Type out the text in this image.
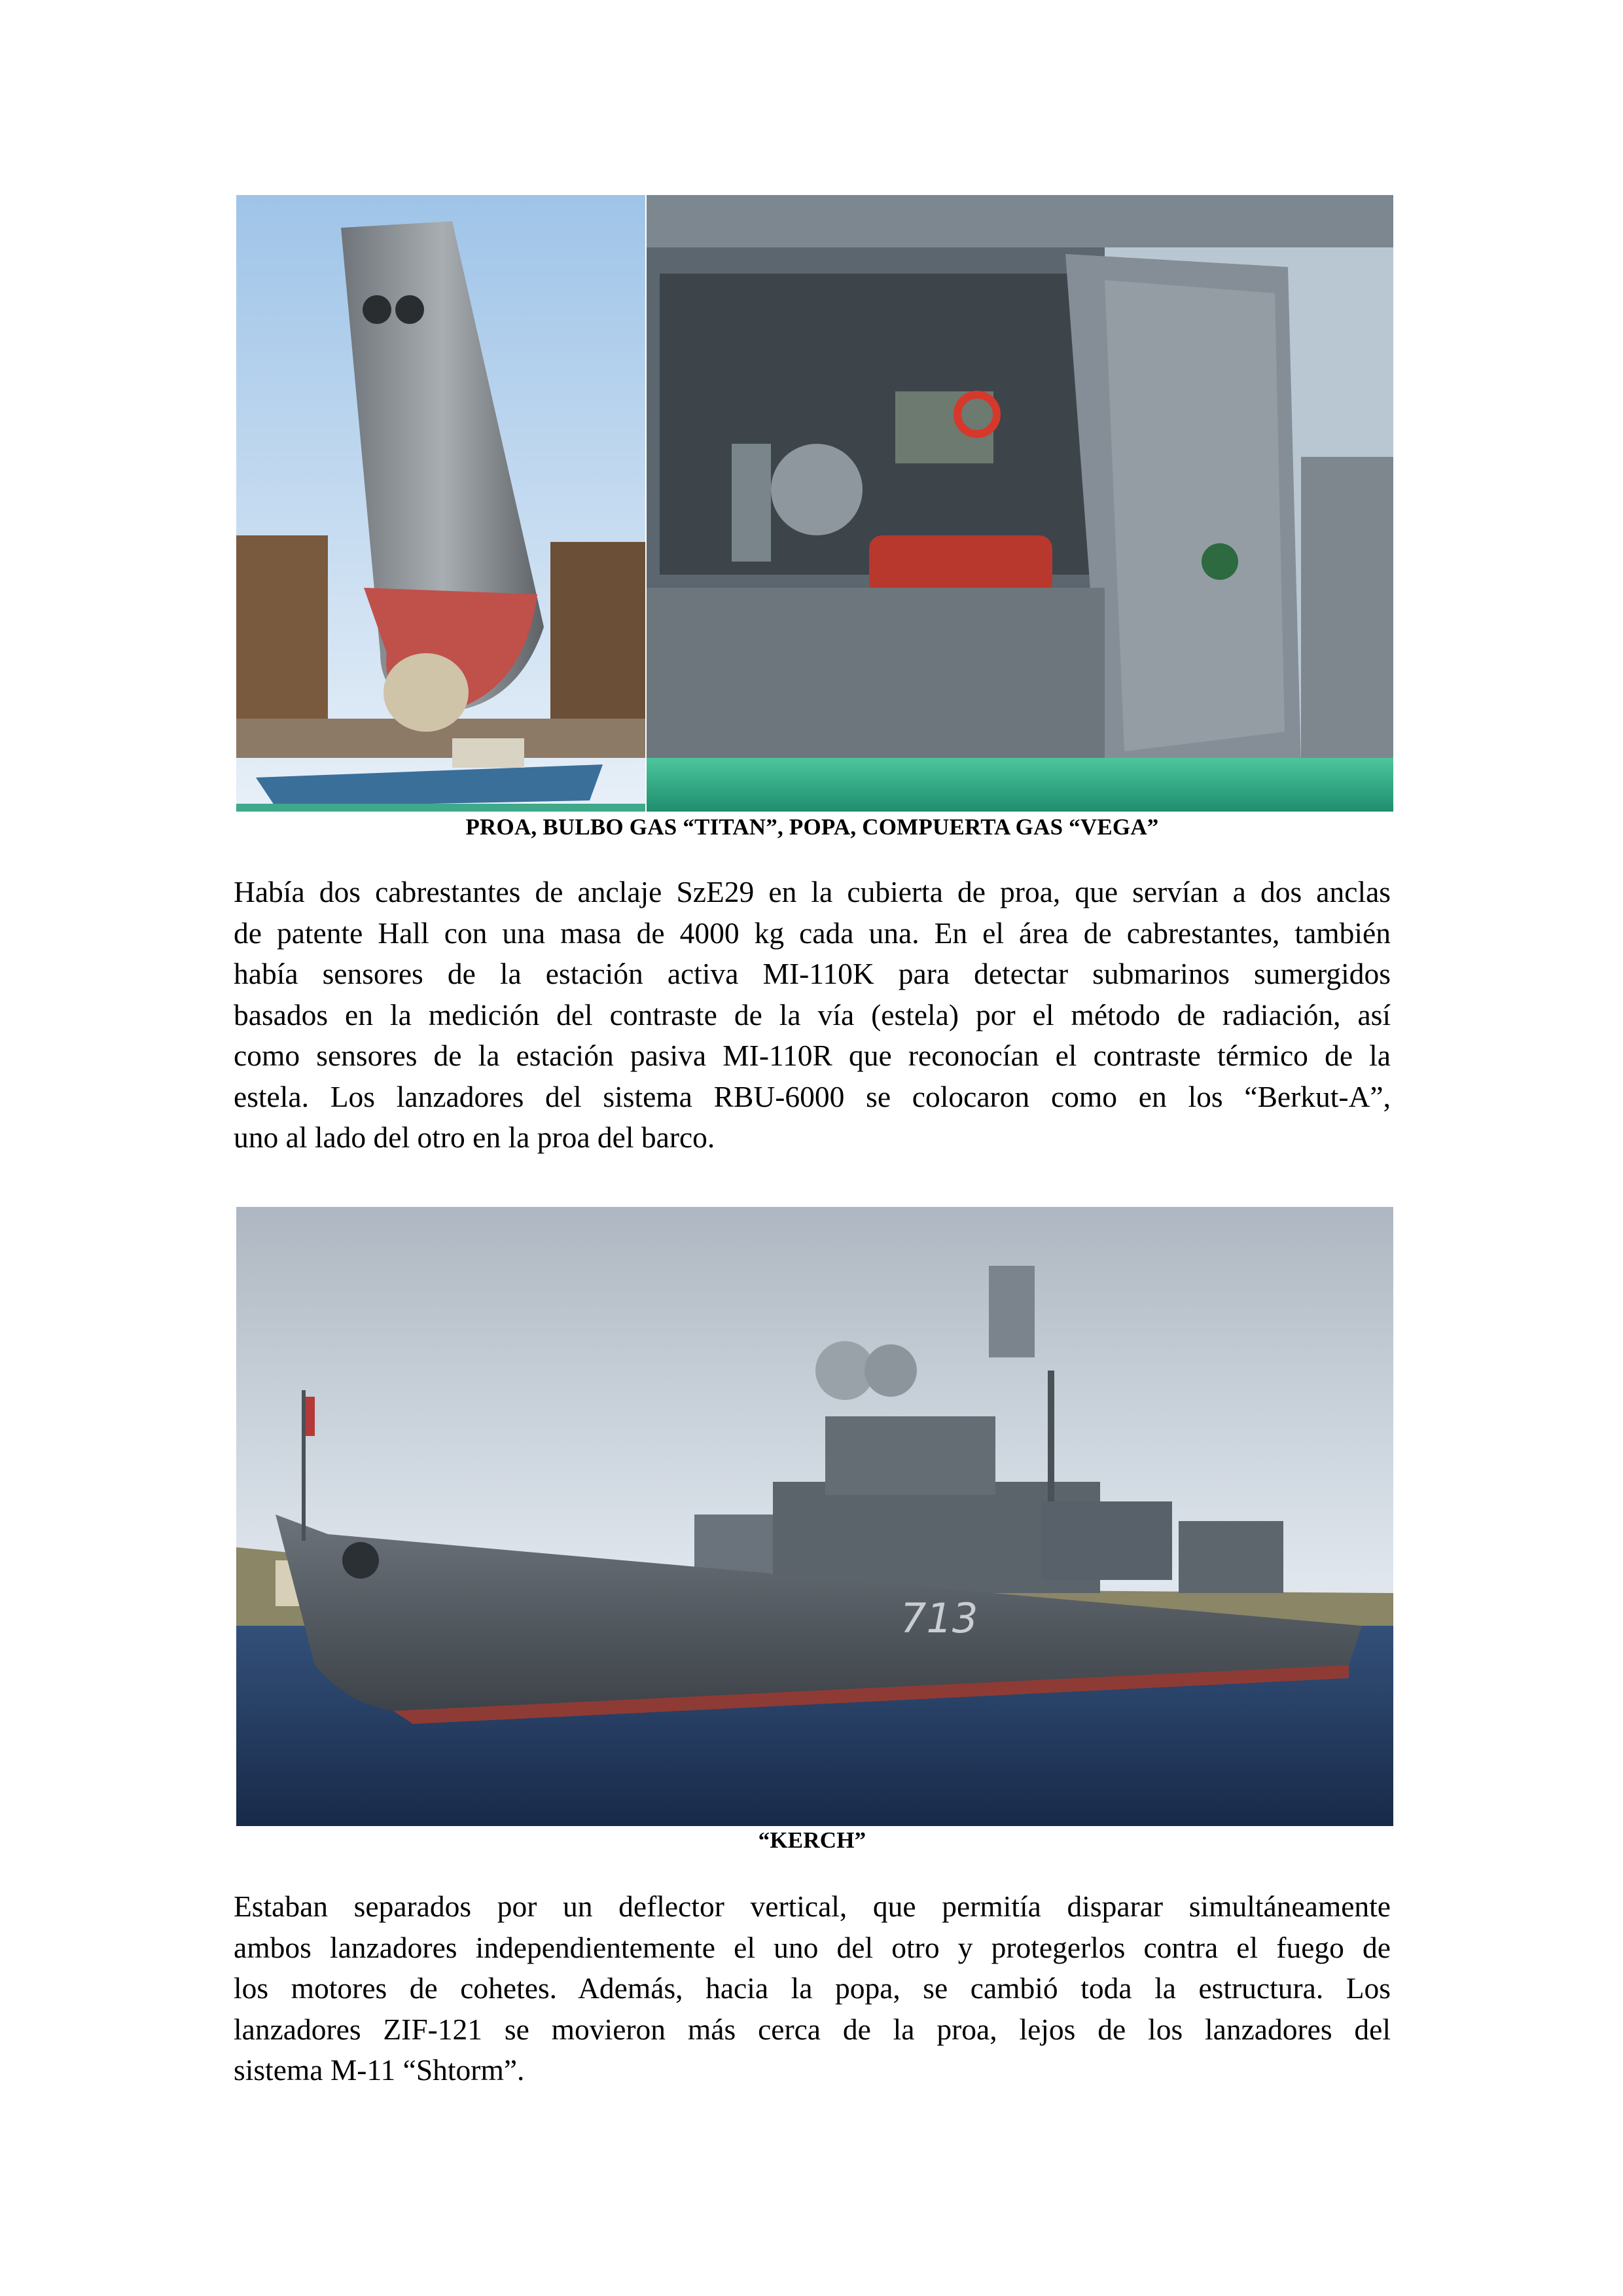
PROA, BULBO GAS “TITAN”, POPA, COMPUERTA GAS “VEGA”
Había dos cabrestantes de anclaje SzE29 en la cubierta de proa, que servían a dos anclas
de patente Hall con una masa de 4000 kg cada una. En el área de cabrestantes, también
había sensores de la estación activa MI-110K para detectar submarinos sumergidos
basados en la medición del contraste de la vía (estela) por el método de radiación, así
como sensores de la estación pasiva MI-110R que reconocían el contraste térmico de la
estela. Los lanzadores del sistema RBU-6000 se colocaron como en los “Berkut-A”,
uno al lado del otro en la proa del barco.
713
“KERCH”
Estaban separados por un deflector vertical, que permitía disparar simultáneamente
ambos lanzadores independientemente el uno del otro y protegerlos contra el fuego de
los motores de cohetes. Además, hacia la popa, se cambió toda la estructura. Los
lanzadores ZIF-121 se movieron más cerca de la proa, lejos de los lanzadores del
sistema M-11 “Shtorm”.
